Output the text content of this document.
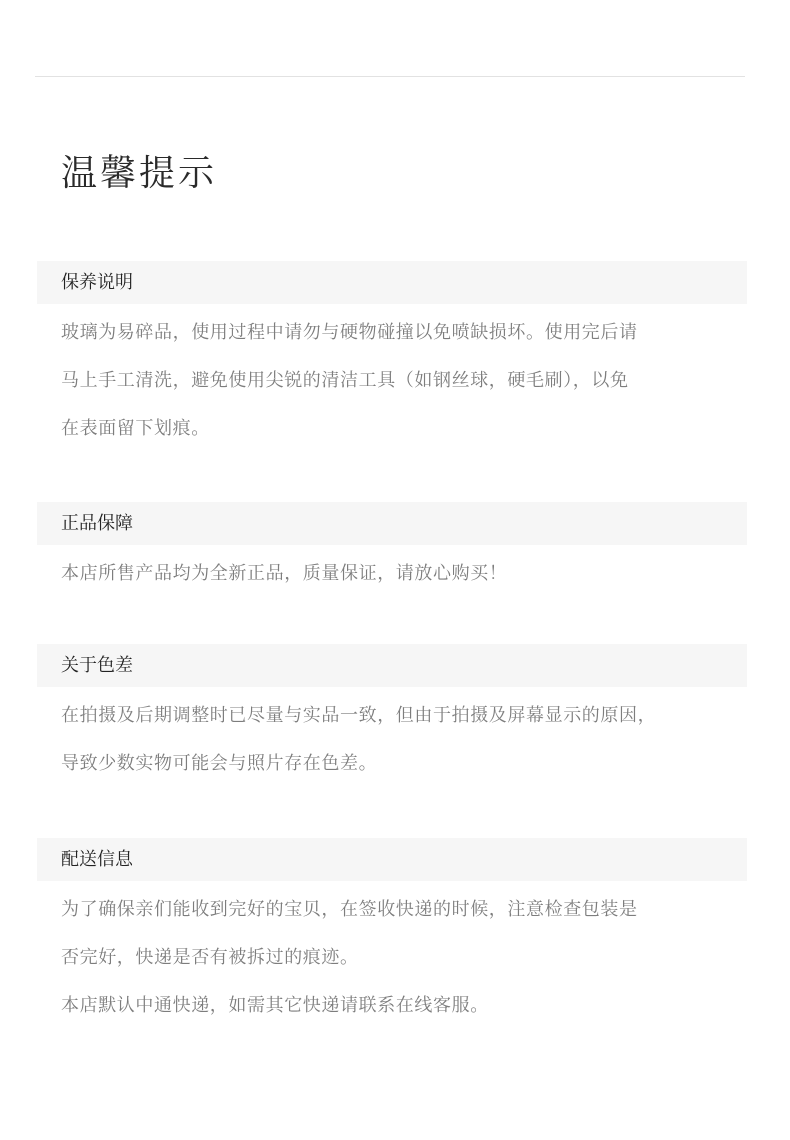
温馨提示
保养说明

玻璃为易碎品，使用过程中请勿与硬物碰撞以免喷缺损坏。使用完后请

马上手工清洗，避免使用尖锐的清洁工具（如钢丝球，硬毛刷），以免

在表面留下划痕。

正品保障

本店所售产品均为全新正品，质量保证，请放心购买！

关于色差

在拍摄及后期调整时已尽量与实品一致，但由于拍摄及屏幕显示的原因，

导致少数实物可能会与照片存在色差。

配送信息

为了确保亲们能收到完好的宝贝，在签收快递的时候，注意检查包装是

否完好，快递是否有被拆过的痕迹。

本店默认中通快递，如需其它快递请联系在线客服。
